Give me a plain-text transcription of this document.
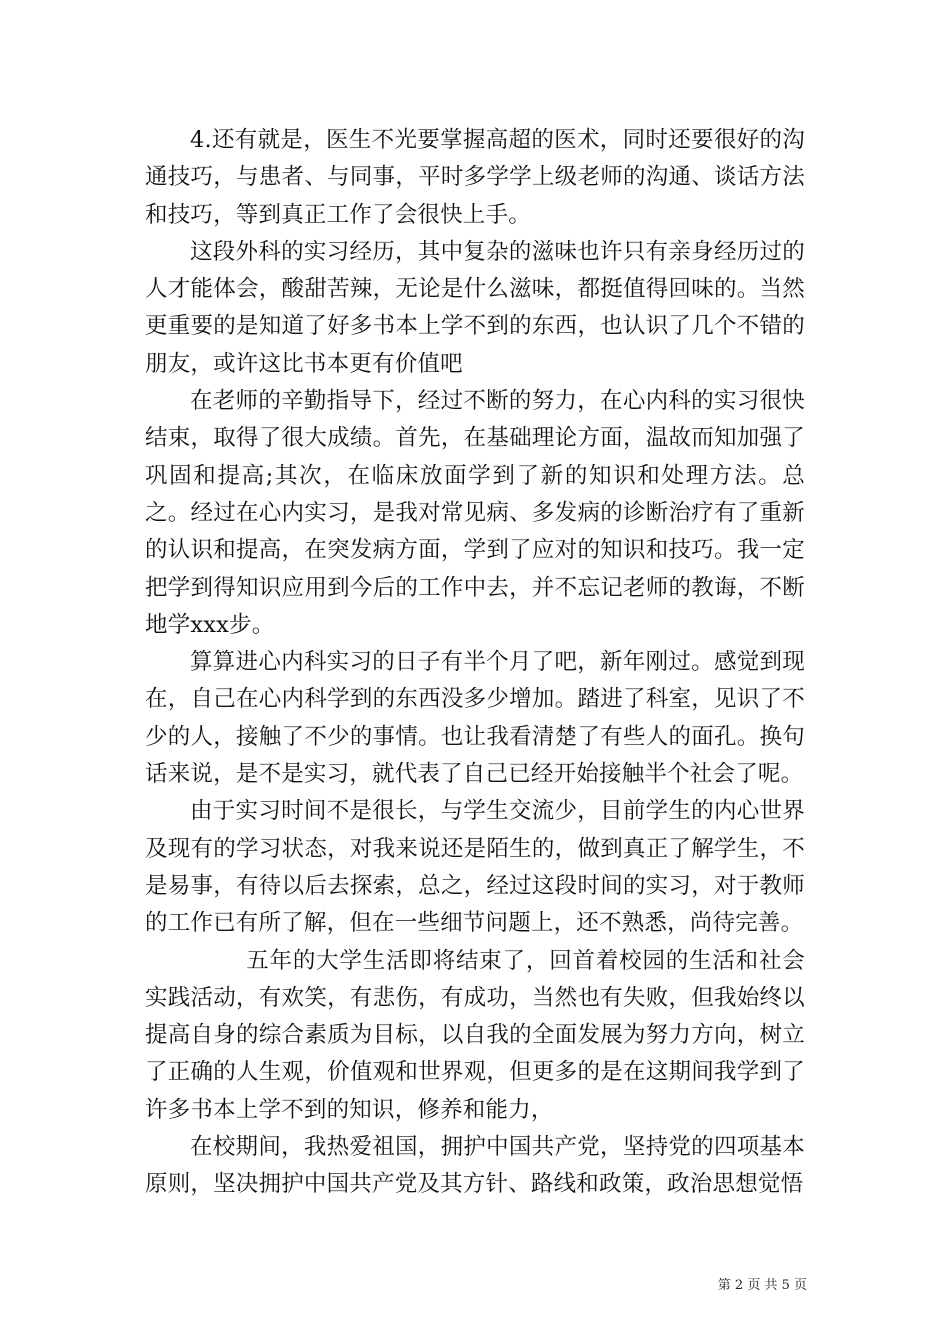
4.还有就是，医生不光要掌握高超的医术，同时还要很好的沟通技巧，与患者、与同事，平时多学学上级老师的沟通、谈话方法和技巧，等到真正工作了会很快上手。

这段外科的实习经历，其中复杂的滋味也许只有亲身经历过的人才能体会，酸甜苦辣，无论是什么滋味，都挺值得回味的。当然更重要的是知道了好多书本上学不到的东西，也认识了几个不错的朋友，或许这比书本更有价值吧

在老师的辛勤指导下，经过不断的努力，在心内科的实习很快结束，取得了很大成绩。首先，在基础理论方面，温故而知加强了巩固和提高;其次，在临床放面学到了新的知识和处理方法。总之。经过在心内实习，是我对常见病、多发病的诊断治疗有了重新的认识和提高，在突发病方面，学到了应对的知识和技巧。我一定把学到得知识应用到今后的工作中去，并不忘记老师的教诲，不断地学xxx步。

算算进心内科实习的日子有半个月了吧，新年刚过。感觉到现在，自己在心内科学到的东西没多少增加。踏进了科室，见识了不少的人，接触了不少的事情。也让我看清楚了有些人的面孔。换句话来说，是不是实习，就代表了自己已经开始接触半个社会了呢。

由于实习时间不是很长，与学生交流少，目前学生的内心世界及现有的学习状态，对我来说还是陌生的，做到真正了解学生，不是易事，有待以后去探索，总之，经过这段时间的实习，对于教师的工作已有所了解，但在一些细节问题上，还不熟悉，尚待完善。

五年的大学生活即将结束了，回首着校园的生活和社会实践活动，有欢笑，有悲伤，有成功，当然也有失败，但我始终以提高自身的综合素质为目标，以自我的全面发展为努力方向，树立了正确的人生观，价值观和世界观，但更多的是在这期间我学到了许多书本上学不到的知识，修养和能力，

在校期间，我热爱祖国，拥护中国共产党，坚持党的四项基本原则，坚决拥护中国共产党及其方针、路线和政策，政治思想觉悟

第 2 页 共 5 页
